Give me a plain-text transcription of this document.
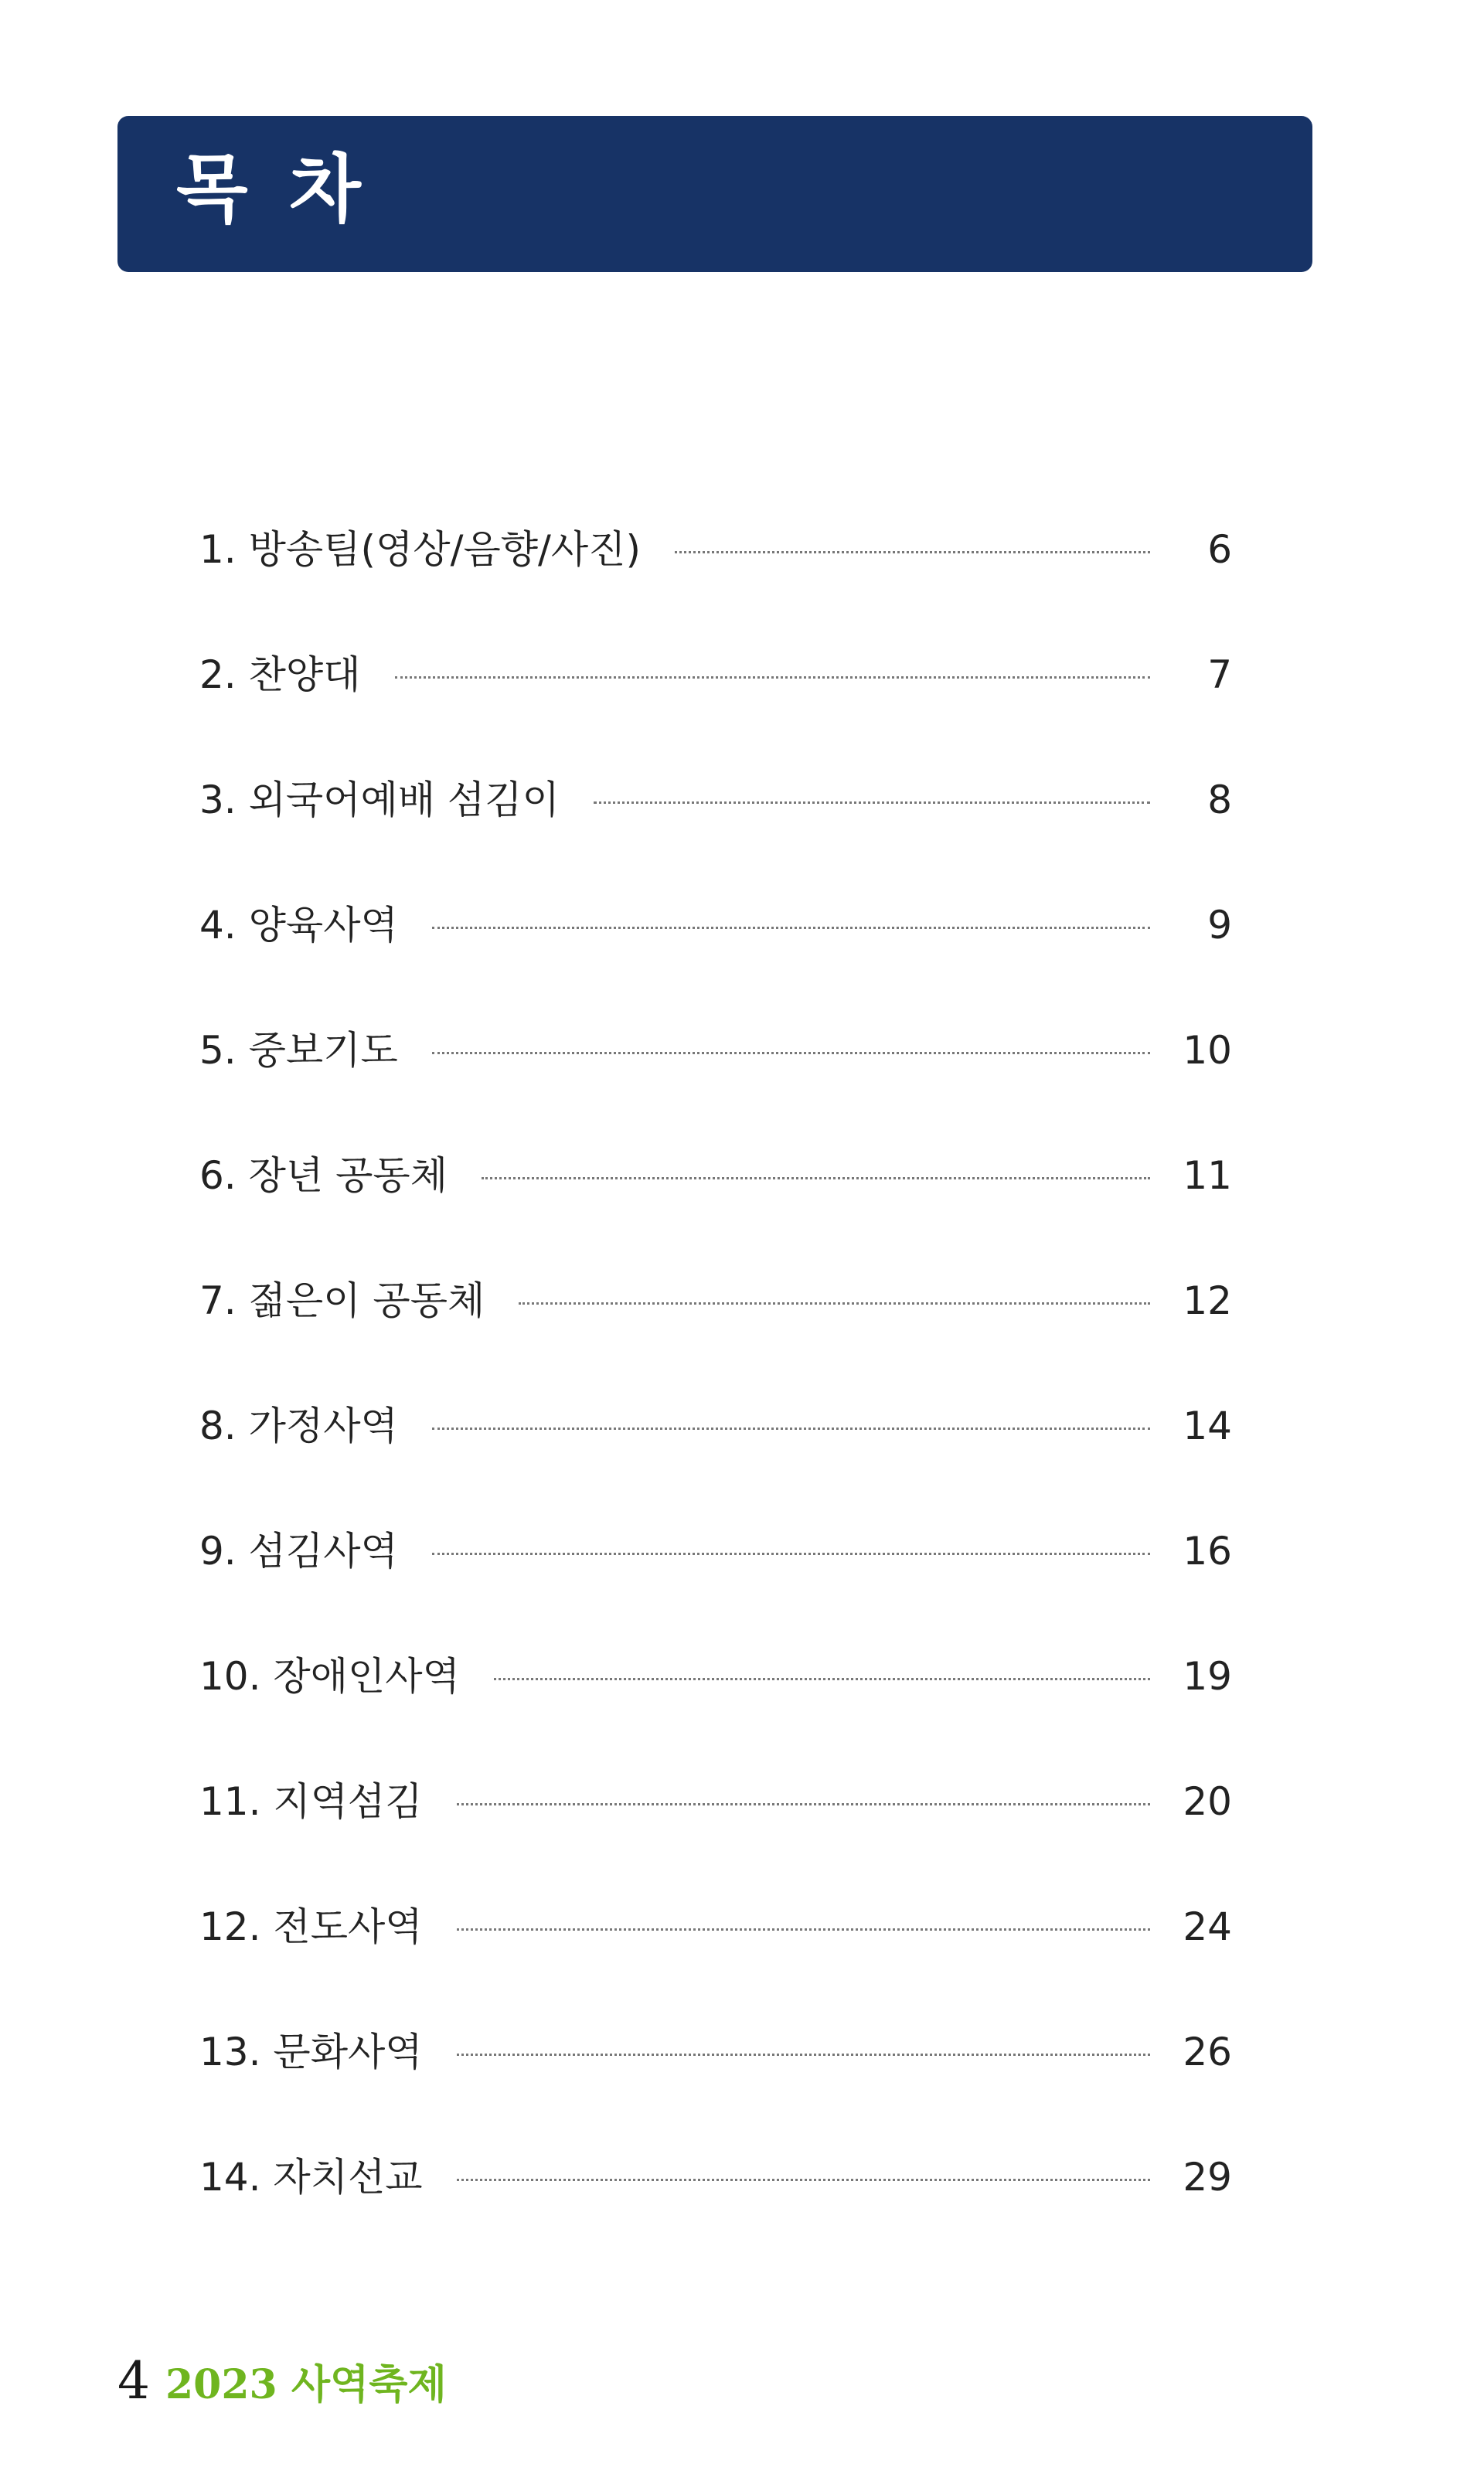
목 차
1. 방송팀(영상/음향/사진)	6
2. 찬양대	7
3. 외국어예배 섬김이	8
4. 양육사역	9
5. 중보기도	10
6. 장년 공동체	11
7. 젊은이 공동체	12
8. 가정사역	14
9. 섬김사역	16
10. 장애인사역	19
11. 지역섬김	20
12. 전도사역	24
13. 문화사역	26
14. 자치선교	29
4 2023 사역축제
